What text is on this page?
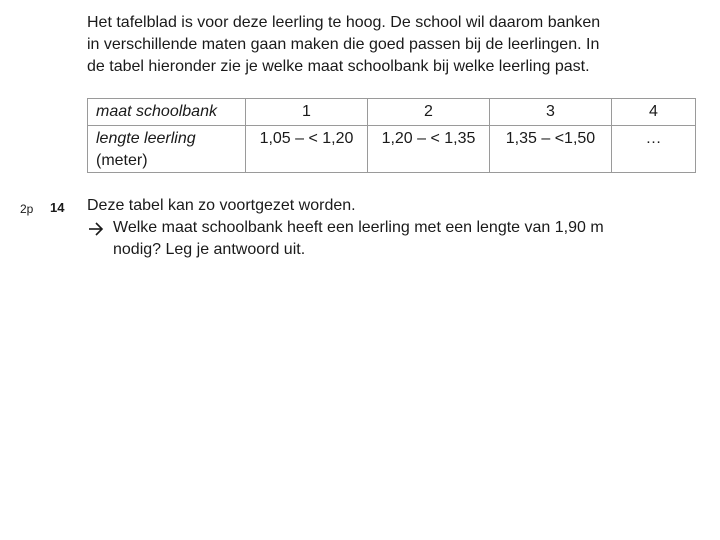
Het tafelblad is voor deze leerling te hoog. De school wil daarom banken
in verschillende maten gaan maken die goed passen bij de leerlingen. In
de tabel hieronder zie je welke maat schoolbank bij welke leerling past.
maat schoolbank	1	2	3	4
lengte leerling
(meter)	1,05 – < 1,20	1,20 – < 1,35	1,35 – <1,50	…
2p 14 Deze tabel kan zo voortgezet worden.
Welke maat schoolbank heeft een leerling met een lengte van 1,90 m
nodig? Leg je antwoord uit.
